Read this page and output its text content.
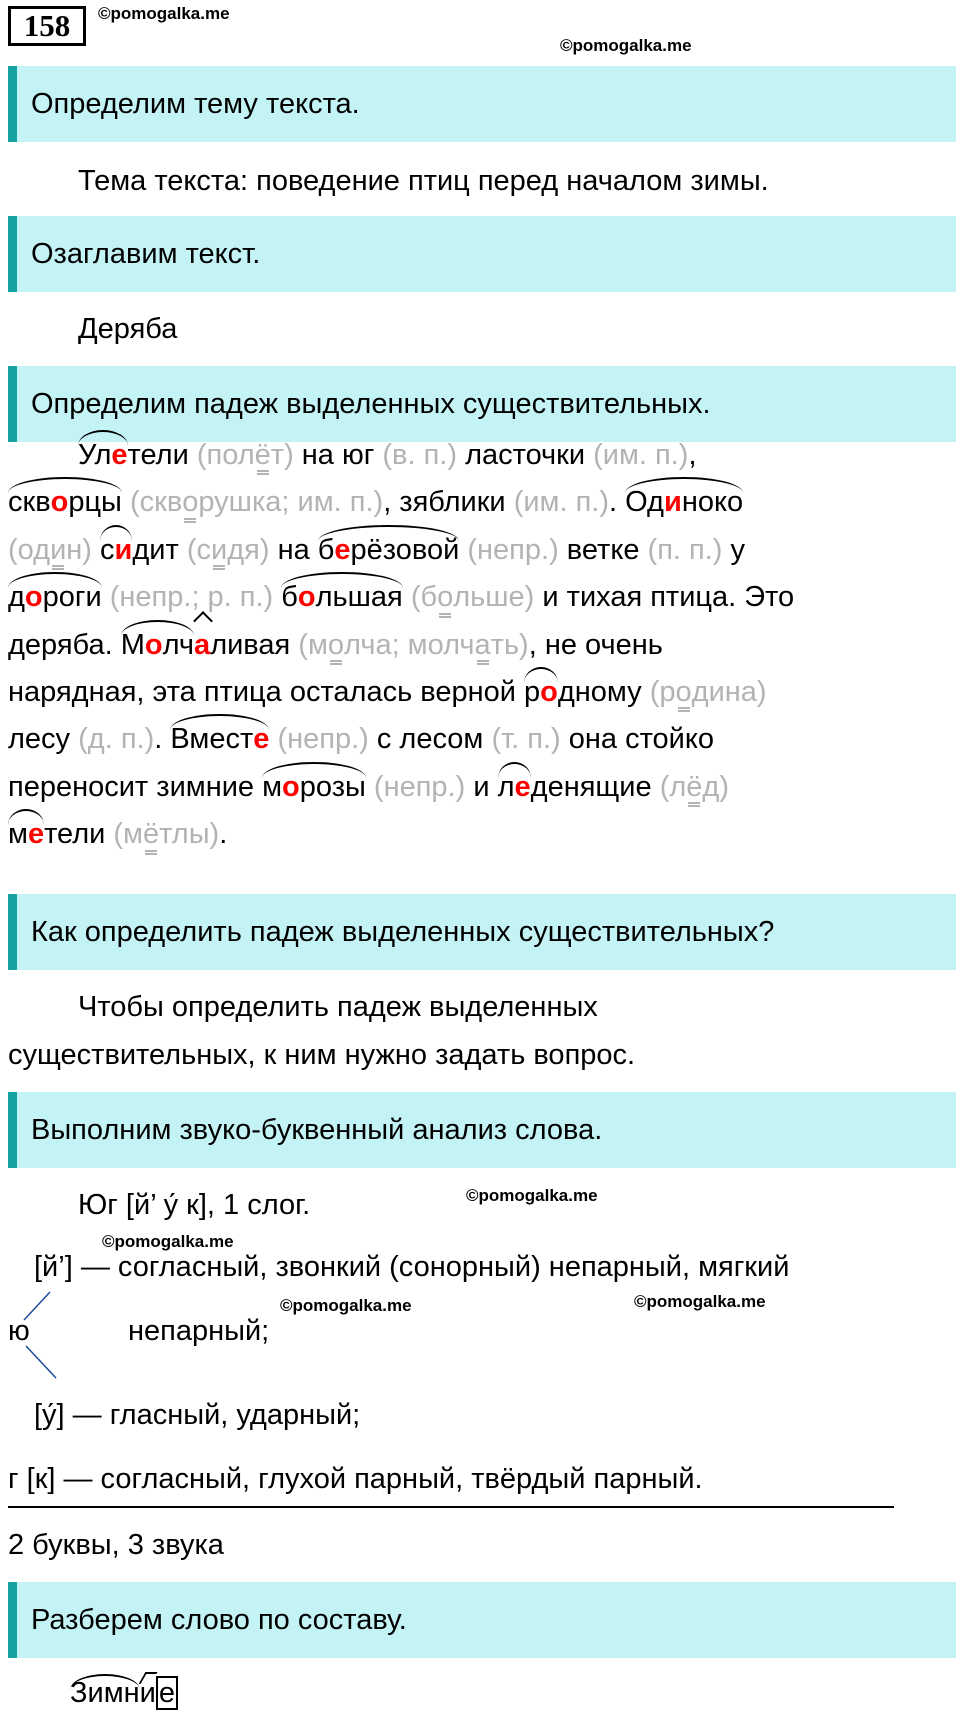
158	©pomogalka.me
©pomogalka.me
Определим тему текста.
Тема текста: поведение птиц перед началом зимы.
Озаглавим текст.
Деряба
Определим падеж выделенных существительных.
Улетели (полёт) на юг (в. п.) ласточки (им. п.),
скворцы (скворушка; им. п.), зяблики (им. п.). Одиноко
(один) сидит (сидя) на берёзовой (непр.) ветке (п. п.) у
дороги (непр.; р. п.) большая (больше) и тихая птица. Это
деряба. Молчаливая (молча; молчать), не очень
нарядная, эта птица осталась верной родному (родина)
лесу (д. п.). Вместе (непр.) с лесом (т. п.) она стойко
переносит зимние морозы (непр.) и леденящие (лёд)
метели (мётлы).
Как определить падеж выделенных существительных?
Чтобы определить падеж выделенных
существительных, к ним нужно задать вопрос.
Выполним звуко-буквенный анализ слова.
Юг [й’ у́ к], 1 слог.	©pomogalka.me
©pomogalka.me
[й’] — согласный, звонкий (сонорный) непарный, мягкий
ю	непарный;
©pomogalka.me	©pomogalka.me
[у́] — гласный, ударный;
г [к] — согласный, глухой парный, твёрдый парный.
2 буквы, 3 звука
Разберем слово по составу.
Зимни е
